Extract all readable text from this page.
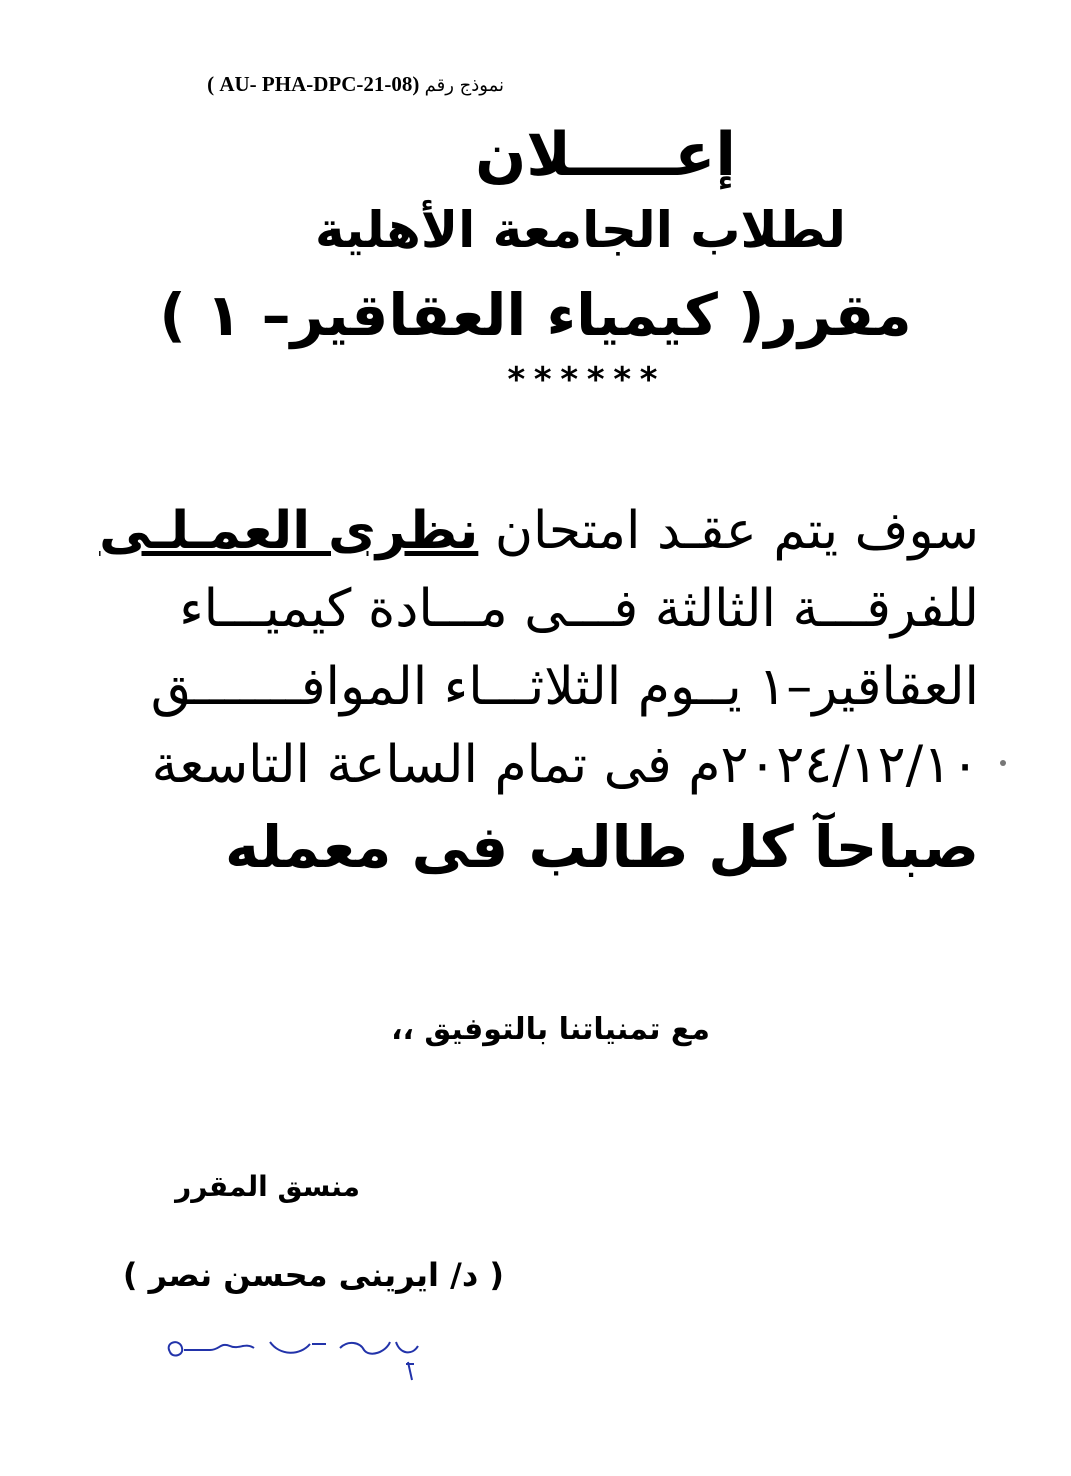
نموذج رقم (AU- PHA-DPC-21-08 )
إعـــــلان
لطلاب الجامعة الأهلية
مقرر( كيمياء العقاقير– ١ )
******
سوف يتم عقـد امتحان نظرى العمـلـى
للفرقـــة الثالثة فـــى مـــادة كيميـــاء
العقاقير–١ يــوم الثلاثـــاء الموافـــــــق
٢٠٢٤/١٢/١٠م فى تمام الساعة التاسعة
صباحآ كل طالب فى معمله
مع تمنياتنا بالتوفيق ،،
منسق المقرر
( د/ ايرينى محسن نصر )
